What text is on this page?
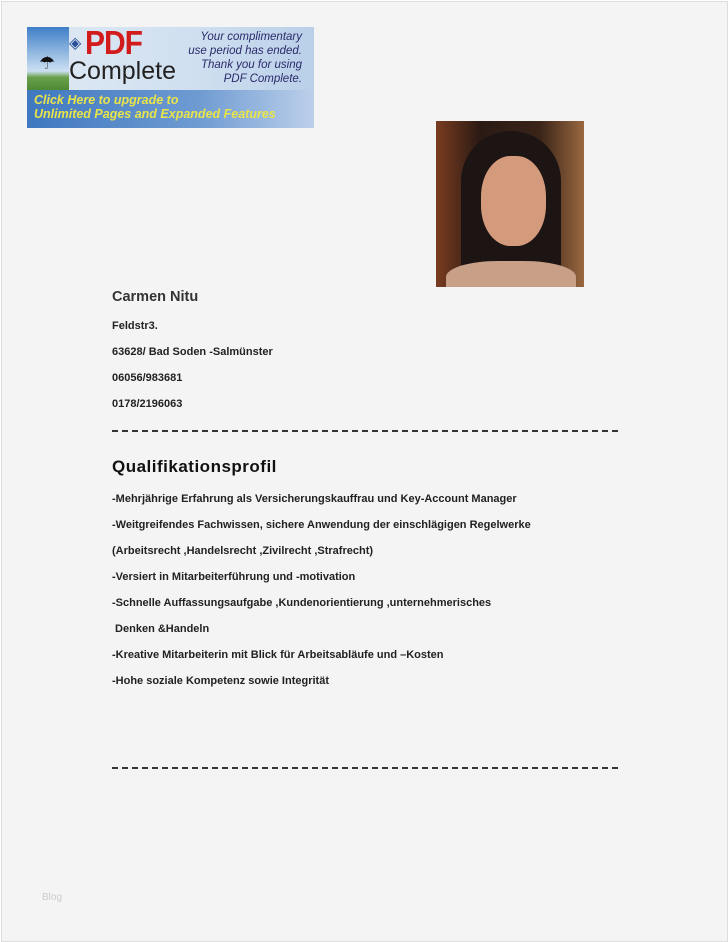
☂
◈ PDF
Complete
Your complimentary
use period has ended.
Thank you for using
PDF Complete.
Click Here to upgrade to
Unlimited Pages and Expanded Features
Carmen Nitu
Feldstr3.
63628/ Bad Soden -Salmünster
06056/983681
0178/2196063
Qualifikationsprofil
-Mehrjährige Erfahrung als Versicherungskauffrau und Key-Account Manager
-Weitgreifendes Fachwissen, sichere Anwendung der einschlägigen Regelwerke
(Arbeitsrecht ,Handelsrecht ,Zivilrecht ,Strafrecht)
-Versiert in Mitarbeiterführung und -motivation
-Schnelle Auffassungsaufgabe ,Kundenorientierung ,unternehmerisches
Denken &Handeln
-Kreative Mitarbeiterin mit Blick für Arbeitsabläufe und –Kosten
-Hohe soziale Kompetenz sowie Integrität
Blog
